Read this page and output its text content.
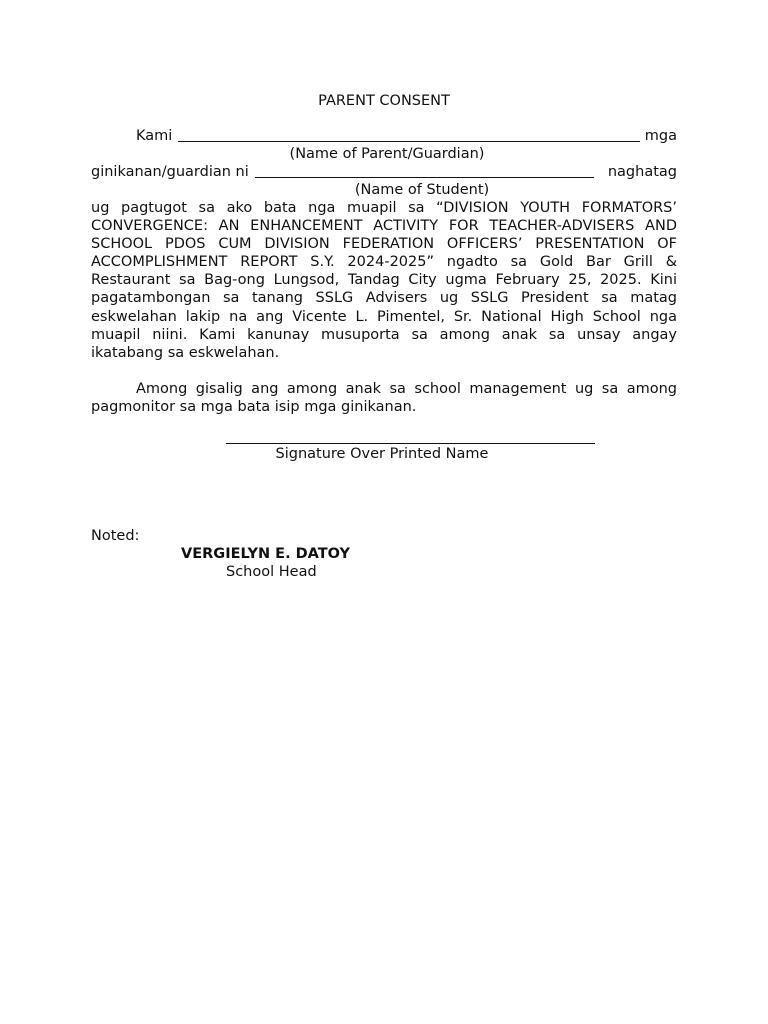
PARENT CONSENT
Kami	mga
(Name of Parent/Guardian)
ginikanan/guardian ni	naghatag
(Name of Student)

ug pagtugot sa ako bata nga muapil sa “DIVISION YOUTH FORMATORS’ CONVERGENCE: AN ENHANCEMENT ACTIVITY FOR TEACHER-ADVISERS AND SCHOOL PDOS CUM DIVISION FEDERATION OFFICERS’ PRESENTATION OF ACCOMPLISHMENT REPORT S.Y. 2024-2025” ngadto sa Gold Bar Grill & Restaurant sa Bag-ong Lungsod, Tandag City ugma February 25, 2025. Kini pagatambongan sa tanang SSLG Advisers ug SSLG President sa matag eskwelahan lakip na ang Vicente L. Pimentel, Sr. National High School nga muapil niini. Kami kanunay musuporta sa among anak sa unsay angay ikatabang sa eskwelahan.

Among gisalig ang among anak sa school management ug sa among pagmonitor sa mga bata isip mga ginikanan.

Signature Over Printed Name
Noted:
VERGIELYN E. DATOY
School Head
